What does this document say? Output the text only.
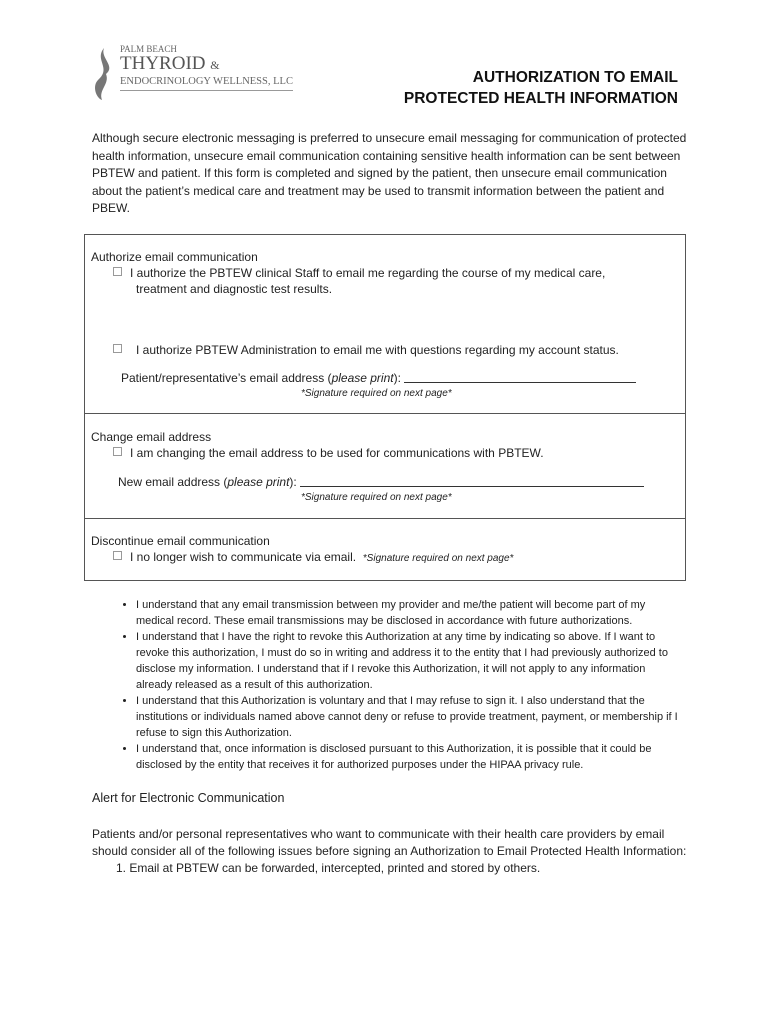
PALM BEACH
THYROID &
ENDOCRINOLOGY WELLNESS, LLC	AUTHORIZATION TO EMAIL
PROTECTED HEALTH INFORMATION
Although secure electronic messaging is preferred to unsecure email messaging for communication of protected health information, unsecure email communication containing sensitive health information can be sent between PBTEW and patient. If this form is completed and signed by the patient, then unsecure email communication about the patient’s medical care and treatment may be used to transmit information between the patient and PBEW.
Authorize email communication
I authorize the PBTEW clinical Staff to email me regarding the course of my medical care,
treatment and diagnostic test results.
I authorize PBTEW Administration to email me with questions regarding my account status.
Patient/representative’s email address (please print):
*Signature required on next page*
Change email address
I am changing the email address to be used for communications with PBTEW.
New email address (please print):
*Signature required on next page*
Discontinue email communication
I no longer wish to communicate via email. *Signature required on next page*
• I understand that any email transmission between my provider and me/the patient will become part of my medical record. These email transmissions may be disclosed in accordance with future authorizations.
• I understand that I have the right to revoke this Authorization at any time by indicating so above. If I want to revoke this authorization, I must do so in writing and address it to the entity that I had previously authorized to disclose my information. I understand that if I revoke this Authorization, it will not apply to any information already released as a result of this authorization.
• I understand that this Authorization is voluntary and that I may refuse to sign it. I also understand that the institutions or individuals named above cannot deny or refuse to provide treatment, payment, or membership if I refuse to sign this Authorization.
• I understand that, once information is disclosed pursuant to this Authorization, it is possible that it could be disclosed by the entity that receives it for authorized purposes under the HIPAA privacy rule.
Alert for Electronic Communication
Patients and/or personal representatives who want to communicate with their health care providers by email should consider all of the following issues before signing an Authorization to Email Protected Health Information:
1. Email at PBTEW can be forwarded, intercepted, printed and stored by others.
